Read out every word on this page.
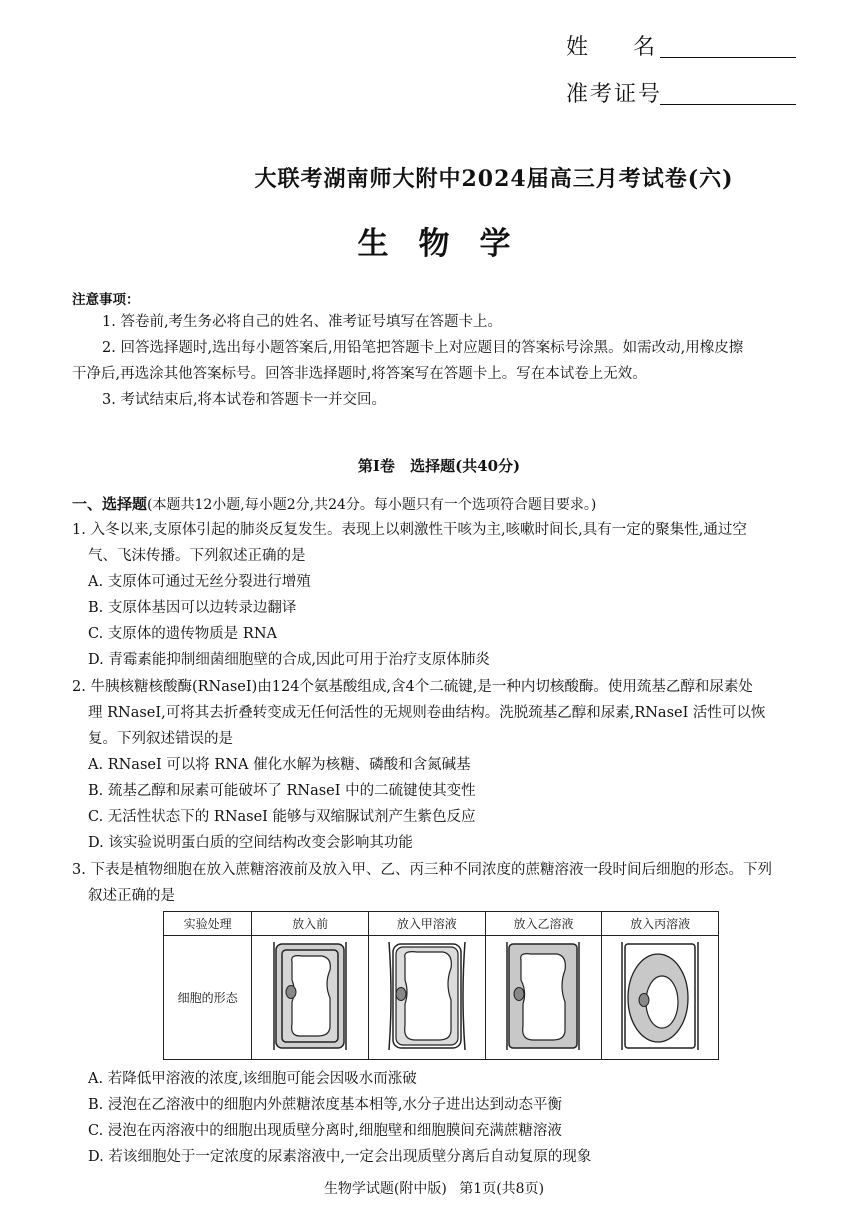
姓 名
准考证号
大联考湖南师大附中2024届高三月考试卷(六)
生物学
注意事项：
1. 答卷前,考生务必将自己的姓名、准考证号填写在答题卡上。
2. 回答选择题时,选出每小题答案后,用铅笔把答题卡上对应题目的答案标号涂黑。如需改动,用橡皮擦
干净后,再选涂其他答案标号。回答非选择题时,将答案写在答题卡上。写在本试卷上无效。
3. 考试结束后,将本试卷和答题卡一并交回。
第Ⅰ卷 选择题(共40分)
一、选择题(本题共12小题,每小题2分,共24分。每小题只有一个选项符合题目要求。)
1. 入冬以来,支原体引起的肺炎反复发生。表现上以刺激性干咳为主,咳嗽时间长,具有一定的聚集性,通过空
气、飞沫传播。下列叙述正确的是
A. 支原体可通过无丝分裂进行增殖
B. 支原体基因可以边转录边翻译
C. 支原体的遗传物质是 RNA
D. 青霉素能抑制细菌细胞壁的合成,因此可用于治疗支原体肺炎
2. 牛胰核糖核酸酶(RNaseI)由124个氨基酸组成,含4个二硫键,是一种内切核酸酶。使用巯基乙醇和尿素处
理 RNaseI,可将其去折叠转变成无任何活性的无规则卷曲结构。洗脱巯基乙醇和尿素,RNaseI 活性可以恢
复。下列叙述错误的是
A. RNaseI 可以将 RNA 催化水解为核糖、磷酸和含氮碱基
B. 巯基乙醇和尿素可能破坏了 RNaseI 中的二硫键使其变性
C. 无活性状态下的 RNaseI 能够与双缩脲试剂产生紫色反应
D. 该实验说明蛋白质的空间结构改变会影响其功能
3. 下表是植物细胞在放入蔗糖溶液前及放入甲、乙、丙三种不同浓度的蔗糖溶液一段时间后细胞的形态。下列
叙述正确的是
实验处理	放入前	放入甲溶液	放入乙溶液	放入丙溶液
细胞的形态				
A. 若降低甲溶液的浓度,该细胞可能会因吸水而涨破
B. 浸泡在乙溶液中的细胞内外蔗糖浓度基本相等,水分子进出达到动态平衡
C. 浸泡在丙溶液中的细胞出现质壁分离时,细胞壁和细胞膜间充满蔗糖溶液
D. 若该细胞处于一定浓度的尿素溶液中,一定会出现质壁分离后自动复原的现象
生物学试题(附中版) 第1页(共8页)
